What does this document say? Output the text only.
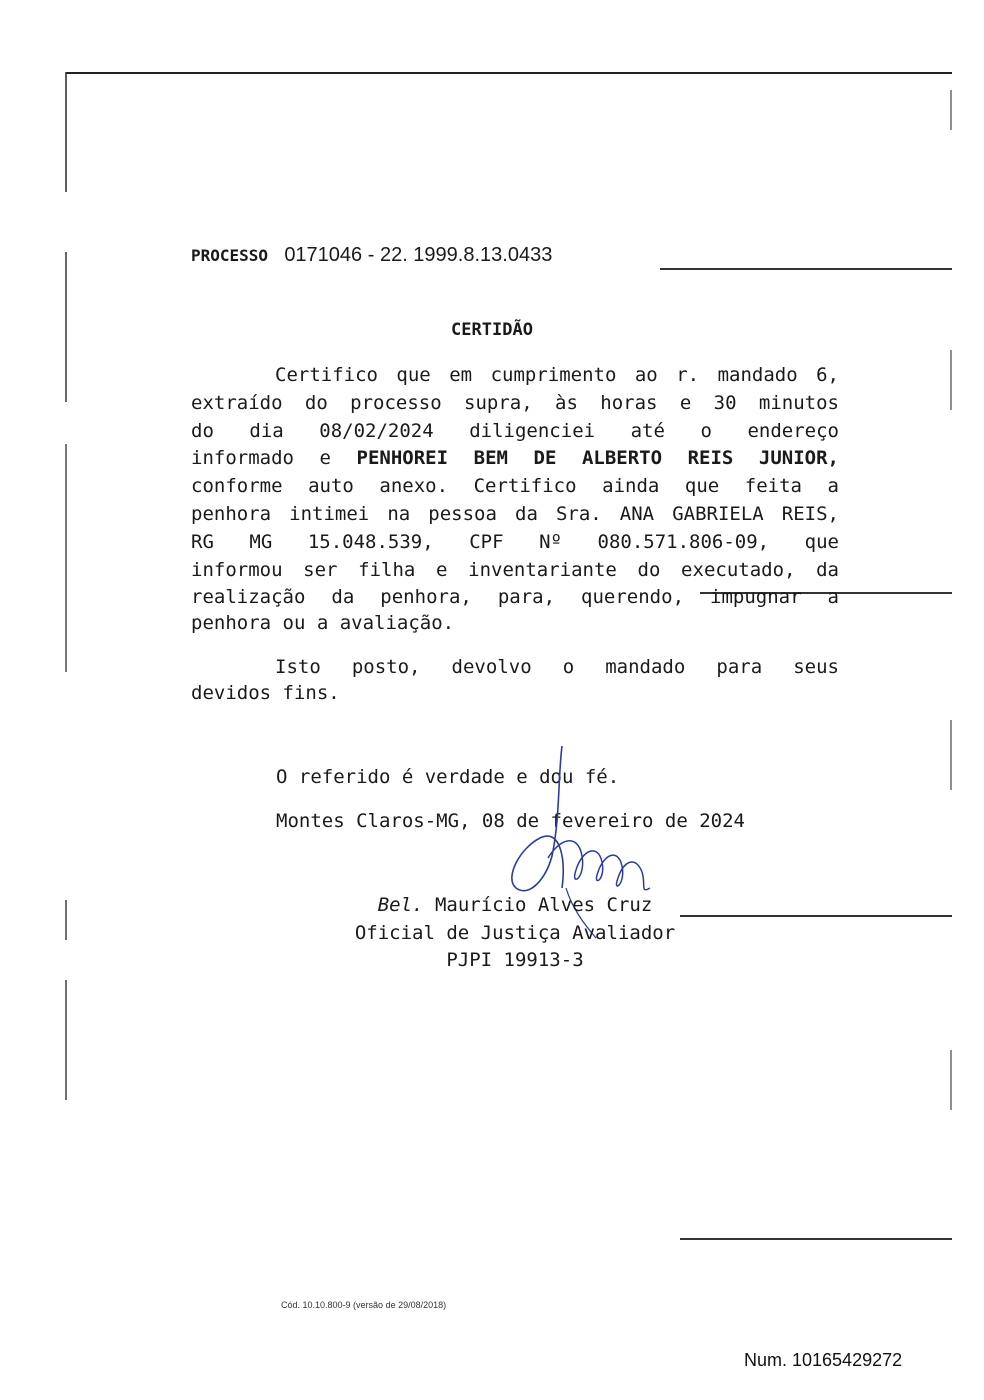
PROCESSO 0171046 - 22. 1999.8.13.0433
CERTIDÃO
Certifico que em cumprimento ao r. mandado 6,
extraído do processo supra, às horas e 30 minutos
do dia 08/02/2024 diligenciei até o endereço
informado e PENHOREI BEM DE ALBERTO REIS JUNIOR,
conforme auto anexo. Certifico ainda que feita a
penhora intimei na pessoa da Sra. ANA GABRIELA REIS,
RG MG 15.048.539, CPF Nº 080.571.806-09, que
informou ser filha e inventariante do executado, da
realização da penhora, para, querendo, impugnar a
penhora ou a avaliação.
Isto posto, devolvo o mandado para seus
devidos fins.
O referido é verdade e dou fé.
Montes Claros-MG, 08 de fevereiro de 2024
Bel. Maurício Alves Cruz
Oficial de Justiça Avaliador
PJPI 19913-3
Cód. 10.10.800-9 (versão de 29/08/2018)
Num. 10165429272
